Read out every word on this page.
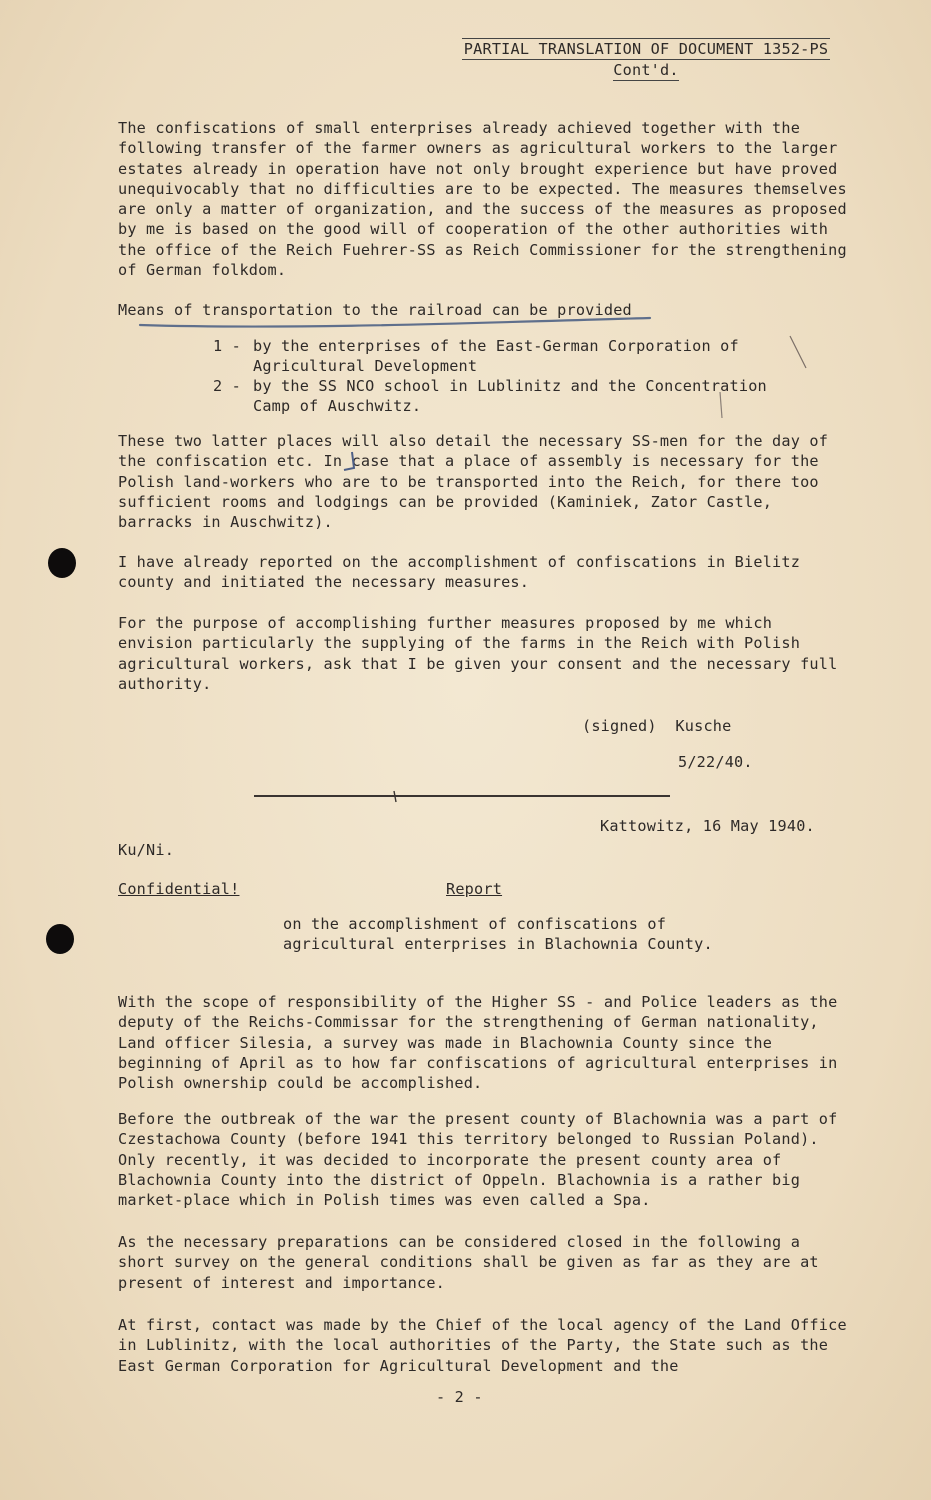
PARTIAL TRANSLATION OF DOCUMENT 1352-PS
Cont'd.

The confiscations of small enterprises already achieved together with the following transfer of the farmer owners as agricultural workers to the larger estates already in operation have not only brought experience but have proved unequivocably that no difficulties are to be expected. The measures themselves are only a matter of organization, and the success of the measures as proposed by me is based on the good will of cooperation of the other authorities with the office of the Reich Fuehrer-SS as Reich Commissioner for the strengthening of German folkdom.

Means of transportation to the railroad can be provided

1 - by the enterprises of the East-German Corporation of Agricultural Development
2 - by the SS NCO school in Lublinitz and the Concentration Camp of Auschwitz.

These two latter places will also detail the necessary SS-men for the day of the confiscation etc. In case that a place of assembly is necessary for the Polish land-workers who are to be transported into the Reich, for there too sufficient rooms and lodgings can be provided (Kaminiek, Zator Castle, barracks in Auschwitz).

I have already reported on the accomplishment of confiscations in Bielitz county and initiated the necessary measures.

For the purpose of accomplishing further measures proposed by me which envision particularly the supplying of the farms in the Reich with Polish agricultural workers, ask that I be given your consent and the necessary full authority.

(signed)  Kusche
5/22/40.
Kattowitz, 16 May 1940.
Ku/Ni.
Confidential!	Report
on the accomplishment of confiscations of agricultural enterprises in Blachownia County.

With the scope of responsibility of the Higher SS - and Police leaders as the deputy of the Reichs-Commissar for the strengthening of German nationality, Land officer Silesia, a survey was made in Blachownia County since the beginning of April as to how far confiscations of agricultural enterprises in Polish ownership could be accomplished.

Before the outbreak of the war the present county of Blachownia was a part of Czestachowa County (before 1941 this territory belonged to Russian Poland). Only recently, it was decided to incorporate the present county area of Blachownia County into the district of Oppeln. Blachownia is a rather big market-place which in Polish times was even called a Spa.

As the necessary preparations can be considered closed in the following a short survey on the general conditions shall be given as far as they are at present of interest and importance.

At first, contact was made by the Chief of the local agency of the Land Office in Lublinitz, with the local authorities of the Party, the State such as the East German Corporation for Agricultural Development and the

- 2 -
